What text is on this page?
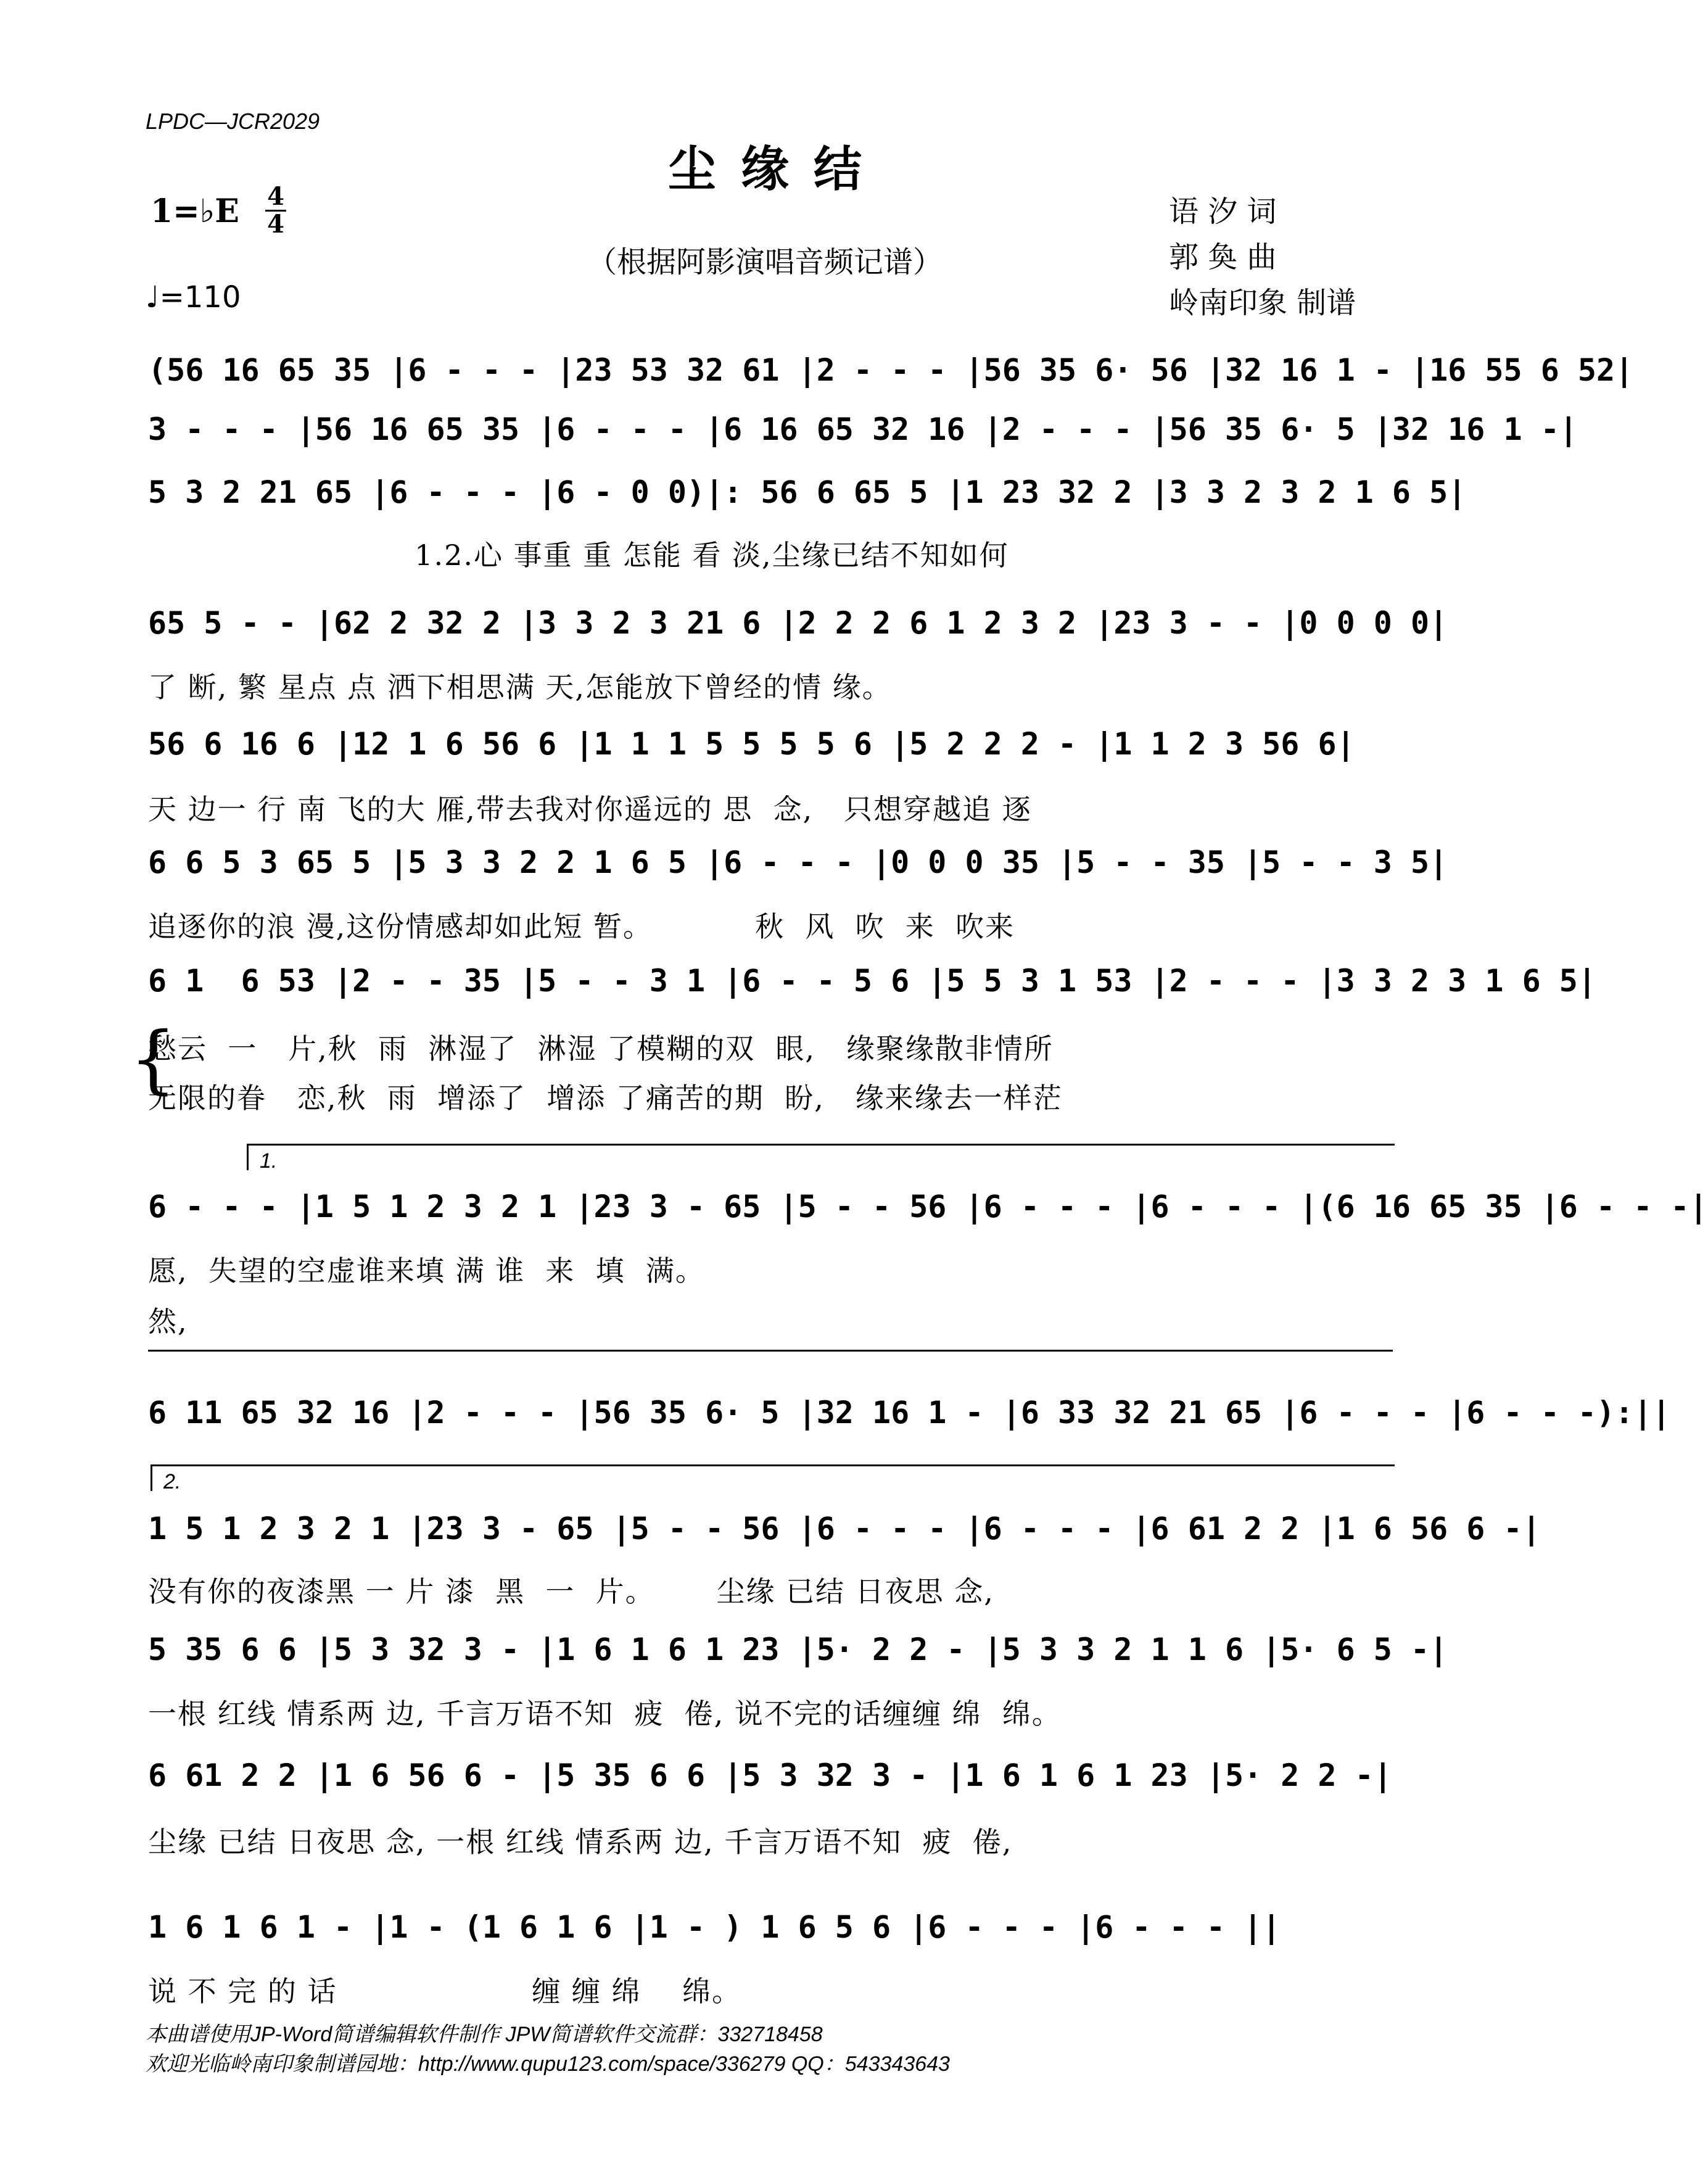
LPDC—JCR2029
尘缘结
1=♭E 4
4
（根据阿影演唱音频记谱）
语 汐 词
郭 奐 曲
岭南印象 制谱
♩=110
(56 16 65 35 |6 - - - |23 53 32 61 |2 - - - |56 35 6· 56 |32 16 1 - |16 55 6 52|
3 - - - |56 16 65 35 |6 - - - |6 16 65 32 16 |2 - - - |56 35 6· 5 |32 16 1 -|
5 3 2 21 65 |6 - - - |6 - 0 0)|: 56 6 65 5 |1 23 32 2 |3 3 2 3 2 1 6 5|
1.2.心 事重 重 怎能 看 淡,尘缘已结不知如何
65 5 - - |62 2 32 2 |3 3 2 3 21 6 |2 2 2 6 1 2 3 2 |23 3 - - |0 0 0 0|
了 断, 繁 星点 点 洒下相思满 天,怎能放下曾经的情 缘。
56 6 16 6 |12 1 6 56 6 |1 1 1 5 5 5 5 6 |5 2 2 2 - |1 1 2 3 56 6|
天 边一 行 南 飞的大 雁,带去我对你遥远的 思  念,   只想穿越追 逐
6 6 5 3 65 5 |5 3 3 2 2 1 6 5 |6 - - - |0 0 0 35 |5 - - 35 |5 - - 3 5|
追逐你的浪 漫,这份情感却如此短 暂。          秋  风  吹  来  吹来
6 1  6 53 |2 - - 35 |5 - - 3 1 |6 - - 5 6 |5 5 3 1 53 |2 - - - |3 3 2 3 1 6 5|
{
愁云  一   片,秋  雨  淋湿了  淋湿 了模糊的双  眼,   缘聚缘散非情所
无限的眷   恋,秋  雨  增添了  增添 了痛苦的期  盼,   缘来缘去一样茫
1.
6 - - - |1 5 1 2 3 2 1 |23 3 - 65 |5 - - 56 |6 - - - |6 - - - |(6 16 65 35 |6 - - -|
愿,  失望的空虚谁来填 满 谁  来  填  满。
然,
6 11 65 32 16 |2 - - - |56 35 6· 5 |32 16 1 - |6 33 32 21 65 |6 - - - |6 - - -):||
2.
1 5 1 2 3 2 1 |23 3 - 65 |5 - - 56 |6 - - - |6 - - - |6 61 2 2 |1 6 56 6 -|
没有你的夜漆黑 一 片 漆  黑  一  片。      尘缘 已结 日夜思 念,
5 35 6 6 |5 3 32 3 - |1 6 1 6 1 23 |5· 2 2 - |5 3 3 2 1 1 6 |5· 6 5 -|
一根 红线 情系两 边, 千言万语不知  疲  倦, 说不完的话缠缠 绵  绵。
6 61 2 2 |1 6 56 6 - |5 35 6 6 |5 3 32 3 - |1 6 1 6 1 23 |5· 2 2 -|
尘缘 已结 日夜思 念, 一根 红线 情系两 边, 千言万语不知  疲  倦,
1 6 1 6 1 - |1 - (1 6 1 6 |1 - ) 1 6 5 6 |6 - - - |6 - - - ||
说 不 完 的 话                   缠 缠 绵    绵。
本曲谱使用JP-Word简谱编辑软件制作 JPW简谱软件交流群：332718458
欢迎光临岭南印象制谱园地：http://www.qupu123.com/space/336279 QQ：543343643
